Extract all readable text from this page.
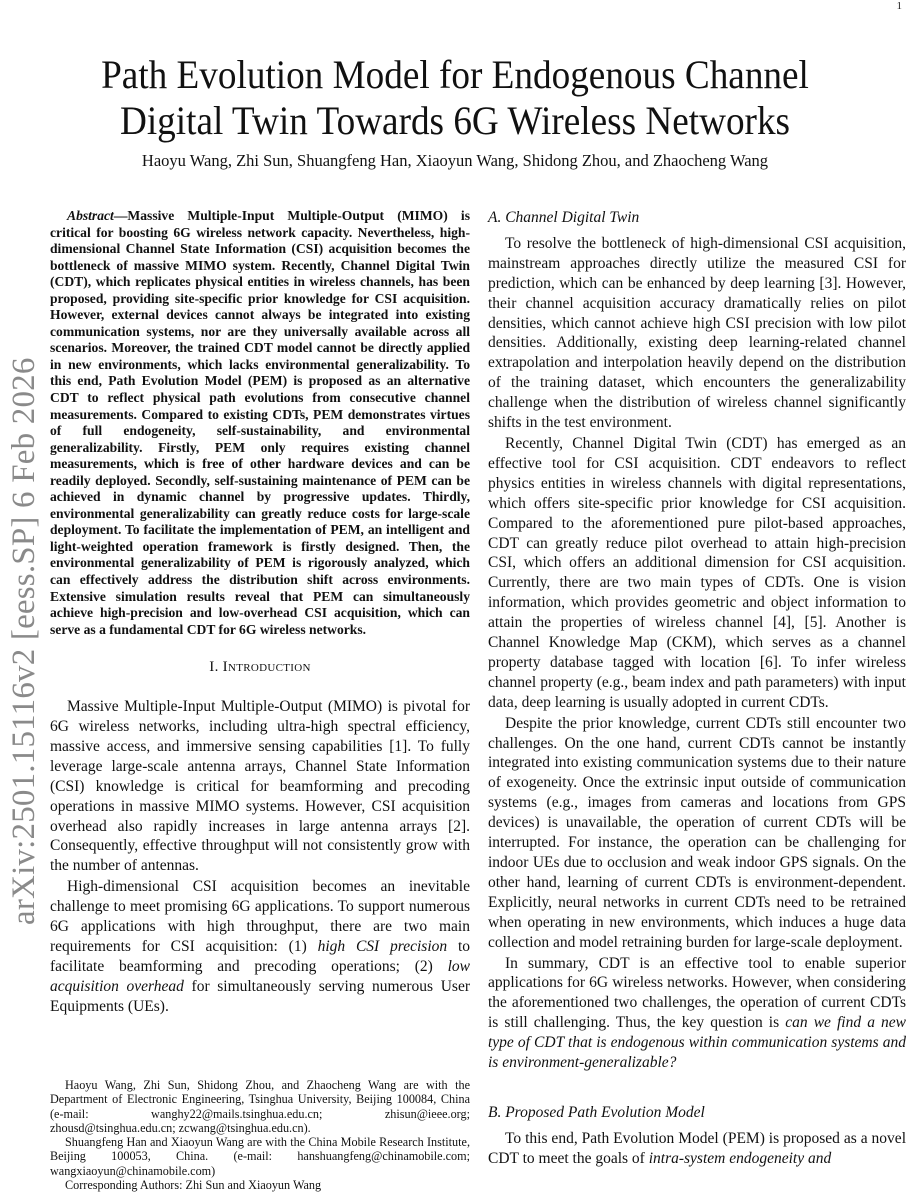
1
arXiv:2501.15116v2 [eess.SP] 6 Feb 2026
Path Evolution Model for Endogenous Channel
Digital Twin Towards 6G Wireless Networks
Haoyu Wang, Zhi Sun, Shuangfeng Han, Xiaoyun Wang, Shidong Zhou, and Zhaocheng Wang
Abstract—Massive Multiple-Input Multiple-Output (MIMO) is critical for boosting 6G wireless network capacity. Nevertheless, high-dimensional Channel State Information (CSI) acquisition becomes the bottleneck of massive MIMO system. Recently, Channel Digital Twin (CDT), which replicates physical entities in wireless channels, has been proposed, providing site-specific prior knowledge for CSI acquisition. However, external devices cannot always be integrated into existing communication systems, nor are they universally available across all scenarios. Moreover, the trained CDT model cannot be directly applied in new environments, which lacks environmental generalizability. To this end, Path Evolution Model (PEM) is proposed as an alternative CDT to reflect physical path evolutions from consecutive channel measurements. Compared to existing CDTs, PEM demonstrates virtues of full endogeneity, self-sustainability, and environmental generalizability. Firstly, PEM only requires existing channel measurements, which is free of other hardware devices and can be readily deployed. Secondly, self-sustaining maintenance of PEM can be achieved in dynamic channel by progressive updates. Thirdly, environmental generalizability can greatly reduce costs for large-scale deployment. To facilitate the implementation of PEM, an intelligent and light-weighted operation framework is firstly designed. Then, the environmental generalizability of PEM is rigorously analyzed, which can effectively address the distribution shift across environments. Extensive simulation results reveal that PEM can simultaneously achieve high-precision and low-overhead CSI acquisition, which can serve as a fundamental CDT for 6G wireless networks.
I. Introduction

Massive Multiple-Input Multiple-Output (MIMO) is pivotal for 6G wireless networks, including ultra-high spectral efficiency, massive access, and immersive sensing capabilities [1]. To fully leverage large-scale antenna arrays, Channel State Information (CSI) knowledge is critical for beamforming and precoding operations in massive MIMO systems. However, CSI acquisition overhead also rapidly increases in large antenna arrays [2]. Consequently, effective throughput will not consistently grow with the number of antennas.

High-dimensional CSI acquisition becomes an inevitable challenge to meet promising 6G applications. To support numerous 6G applications with high throughput, there are two main requirements for CSI acquisition: (1) high CSI precision to facilitate beamforming and precoding operations; (2) low acquisition overhead for simultaneously serving numerous User Equipments (UEs).

Haoyu Wang, Zhi Sun, Shidong Zhou, and Zhaocheng Wang are with the Department of Electronic Engineering, Tsinghua University, Beijing 100084, China (e-mail: wanghy22@mails.tsinghua.edu.cn; zhisun@ieee.org; zhousd@tsinghua.edu.cn; zcwang@tsinghua.edu.cn).

Shuangfeng Han and Xiaoyun Wang are with the China Mobile Research Institute, Beijing 100053, China. (e-mail: hanshuangfeng@chinamobile.com; wangxiaoyun@chinamobile.com)

Corresponding Authors: Zhi Sun and Xiaoyun Wang

A. Channel Digital Twin

To resolve the bottleneck of high-dimensional CSI acquisition, mainstream approaches directly utilize the measured CSI for prediction, which can be enhanced by deep learning [3]. However, their channel acquisition accuracy dramatically relies on pilot densities, which cannot achieve high CSI precision with low pilot densities. Additionally, existing deep learning-related channel extrapolation and interpolation heavily depend on the distribution of the training dataset, which encounters the generalizability challenge when the distribution of wireless channel significantly shifts in the test environment.

Recently, Channel Digital Twin (CDT) has emerged as an effective tool for CSI acquisition. CDT endeavors to reflect physics entities in wireless channels with digital representations, which offers site-specific prior knowledge for CSI acquisition. Compared to the aforementioned pure pilot-based approaches, CDT can greatly reduce pilot overhead to attain high-precision CSI, which offers an additional dimension for CSI acquisition. Currently, there are two main types of CDTs. One is vision information, which provides geometric and object information to attain the properties of wireless channel [4], [5]. Another is Channel Knowledge Map (CKM), which serves as a channel property database tagged with location [6]. To infer wireless channel property (e.g., beam index and path parameters) with input data, deep learning is usually adopted in current CDTs.

Despite the prior knowledge, current CDTs still encounter two challenges. On the one hand, current CDTs cannot be instantly integrated into existing communication systems due to their nature of exogeneity. Once the extrinsic input outside of communication systems (e.g., images from cameras and locations from GPS devices) is unavailable, the operation of current CDTs will be interrupted. For instance, the operation can be challenging for indoor UEs due to occlusion and weak indoor GPS signals. On the other hand, learning of current CDTs is environment-dependent. Explicitly, neural networks in current CDTs need to be retrained when operating in new environments, which induces a huge data collection and model retraining burden for large-scale deployment.

In summary, CDT is an effective tool to enable superior applications for 6G wireless networks. However, when considering the aforementioned two challenges, the operation of current CDTs is still challenging. Thus, the key question is can we find a new type of CDT that is endogenous within communication systems and is environment-generalizable?

B. Proposed Path Evolution Model

To this end, Path Evolution Model (PEM) is proposed as a novel CDT to meet the goals of intra-system endogeneity and
